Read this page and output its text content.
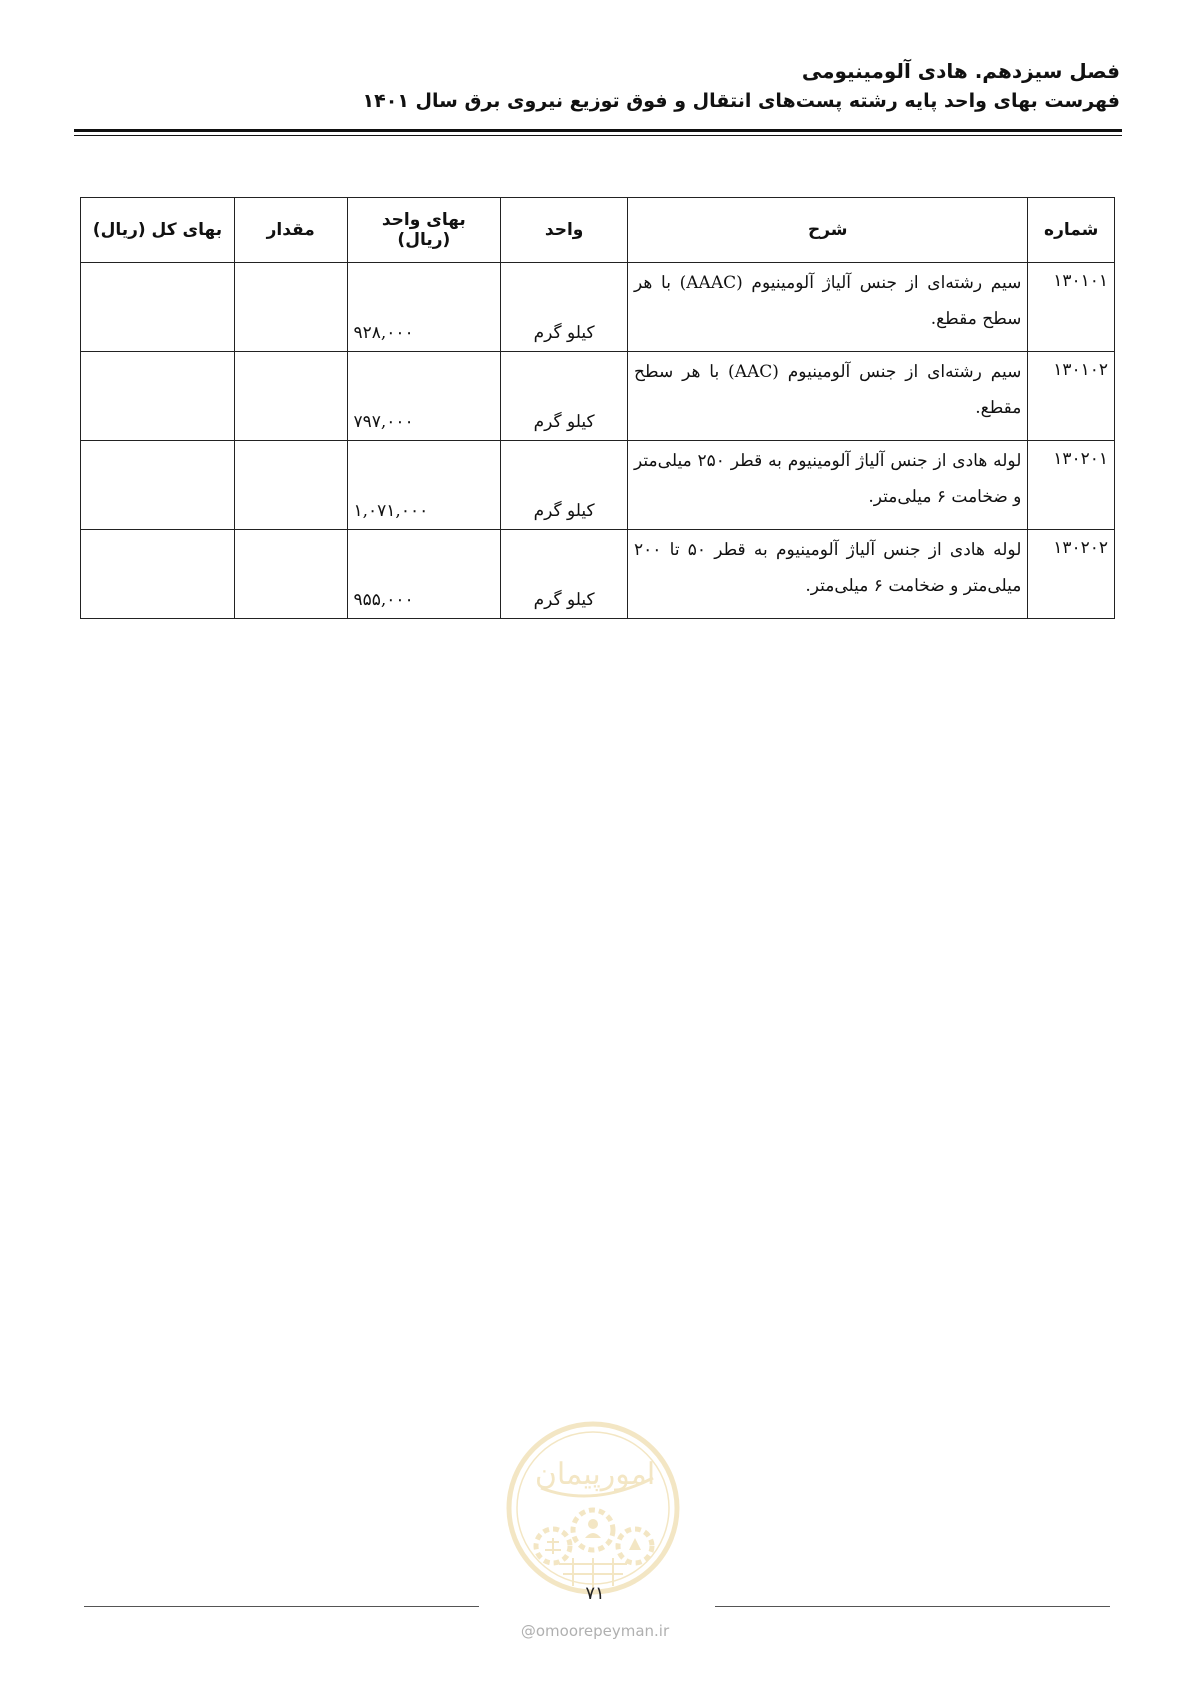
فصل سیزدهم. هادی آلومینیومی
فهرست بهای واحد پایه رشته پست‌های انتقال و فوق توزیع نیروی برق سال ۱۴۰۱
شماره	شرح	واحد	بهای واحد (ریال)	مقدار	بهای کل (ریال)
۱۳۰۱۰۱	سیم رشته‌ای از جنس آلیاژ آلومینیوم (AAAC) با هر سطح مقطع.	کیلو گرم	۹۲۸,۰۰۰		
۱۳۰۱۰۲	سیم رشته‌ای از جنس آلومینیوم (AAC) با هر سطح مقطع.	کیلو گرم	۷۹۷,۰۰۰		
۱۳۰۲۰۱	لوله هادی از جنس آلیاژ آلومینیوم به قطر ۲۵۰ میلی‌متر و ضخامت ۶ میلی‌متر.	کیلو گرم	۱,۰۷۱,۰۰۰		
۱۳۰۲۰۲	لوله هادی از جنس آلیاژ آلومینیوم به قطر ۵۰ تا ۲۰۰ میلی‌متر و ضخامت ۶ میلی‌متر.	کیلو گرم	۹۵۵,۰۰۰		
امورپیمان
۷۱
@omoorepeyman.ir
